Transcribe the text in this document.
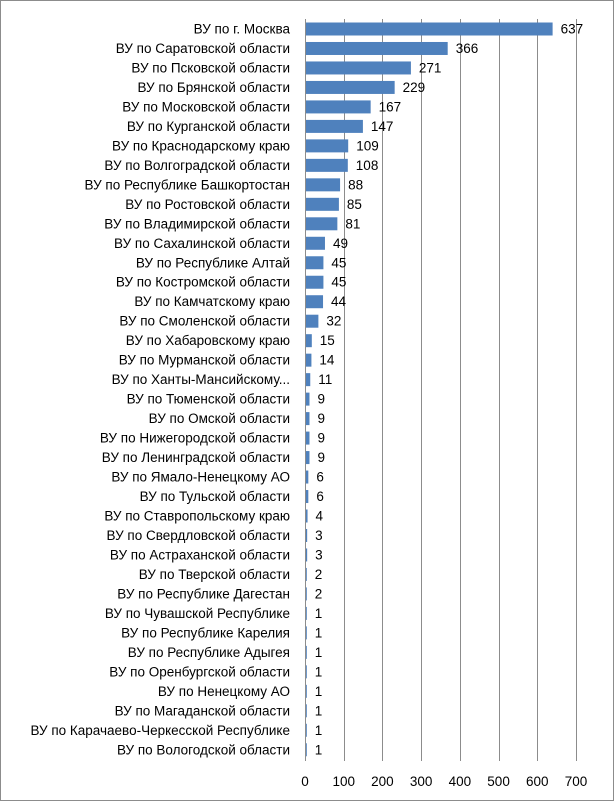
ВУ по г. Москва	637
ВУ по Саратовской области	366
ВУ по Псковской области	271
ВУ по Брянской области	229
ВУ по Московской области	167
ВУ по Курганской области	147
ВУ по Краснодарскому краю	109
ВУ по Волгоградской области	108
ВУ по Республике Башкортостан	88
ВУ по Ростовской области	85
ВУ по Владимирской области	81
ВУ по Сахалинской области	49
ВУ по Республике Алтай	45
ВУ по Костромской области	45
ВУ по Камчатскому краю	44
ВУ по Смоленской области	32
ВУ по Хабаровскому краю 15
ВУ по Мурманской области 14
ВУ по Ханты-Мансийскому... 11
ВУ по Тюменской области 9
ВУ по Омской области 9
ВУ по Нижегородской области 9
ВУ по Ленинградской области 9
ВУ по Ямало-Ненецкому АО 6
ВУ по Тульской области 6
ВУ по Ставропольскому краю 4
ВУ по Свердловской области 3
ВУ по Астраханской области 3
ВУ по Тверской области 2
ВУ по Республике Дагестан 2
ВУ по Чувашской Республике 1
ВУ по Республике Карелия 1
ВУ по Республике Адыгея 1
ВУ по Оренбургской области 1
ВУ по Ненецкому АО 1
ВУ по Магаданской области 1
ВУ по Карачаево-Черкесской Республике 1
ВУ по Вологодской области 1
0 100 200 300 400 500 600 700
